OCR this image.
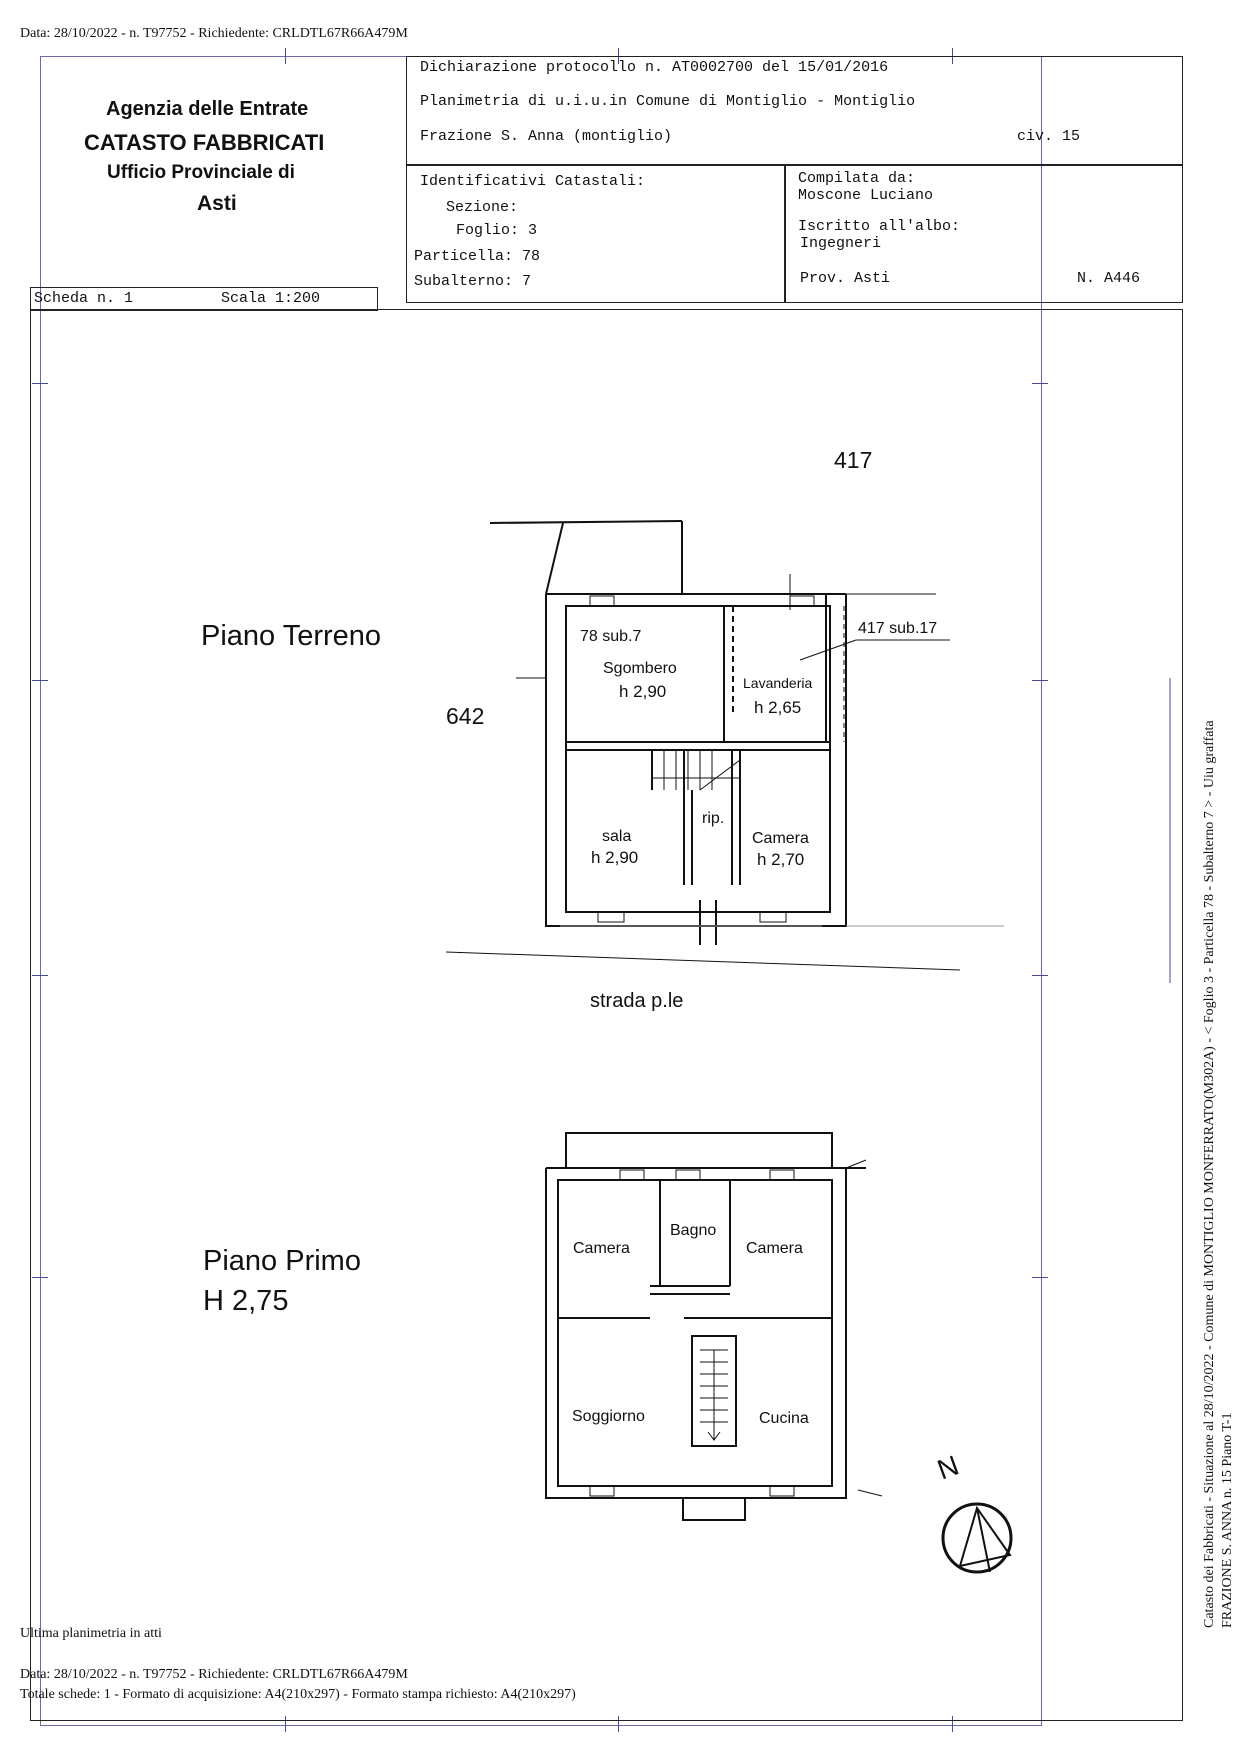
Data: 28/10/2022 - n. T97752 - Richiedente: CRLDTL67R66A479M
Agenzia delle Entrate
CATASTO FABBRICATI
Ufficio Provinciale di
Asti
Dichiarazione protocollo n. AT0002700 del 15/01/2016
Planimetria di u.i.u.in Comune di Montiglio - Montiglio
Frazione S. Anna (montiglio)	civ. 15
Identificativi Catastali:
Sezione:
Foglio: 3
Particella: 78
Subalterno: 7
Compilata da:
Moscone Luciano
Iscritto all'albo:
Ingegneri
Prov. Asti	N. A446
Scheda n. 1	Scala 1:200
Piano Terreno
417
642
78 sub.7	417 sub.17
Sgombero
h 2,90	Lavanderia
h 2,65
sala
h 2,90
rip.
Camera
h 2,70
strada p.le
Piano Primo
H 2,75
Camera
Bagno
Camera
Soggiorno	Cucina
N	Catasto dei Fabbricati - Situazione al 28/10/2022 - Comune di MONTIGLIO MONFERRATO(M302A) - < Foglio 3 - Particella 78 - Subalterno 7 > - Uiu graffata FRAZIONE S. ANNA n. 15 Piano T-1
Ultima planimetria in atti
Data: 28/10/2022 - n. T97752 - Richiedente: CRLDTL67R66A479M
Totale schede: 1 - Formato di acquisizione: A4(210x297) - Formato stampa richiesto: A4(210x297)
